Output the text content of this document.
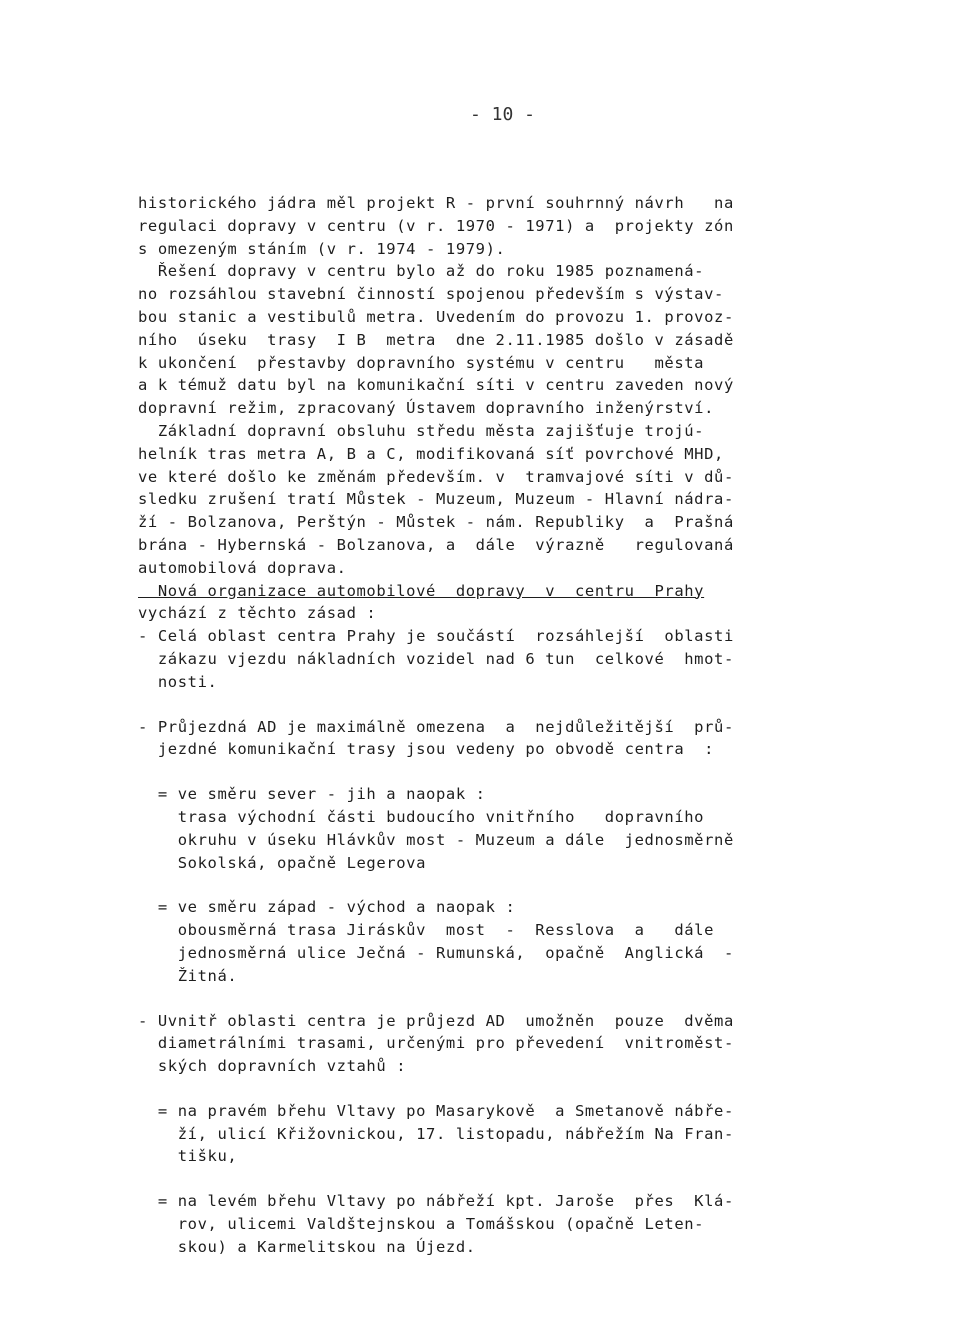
- 10 -
historického jádra měl projekt R - první souhrnný návrh   na
regulaci dopravy v centru (v r. 1970 - 1971) a  projekty zón
s omezeným stáním (v r. 1974 - 1979).
Řešení dopravy v centru bylo až do roku 1985 poznamená-
no rozsáhlou stavební činností spojenou především s výstav-
bou stanic a vestibulů metra. Uvedením do provozu 1. provoz-
ního  úseku  trasy  I B  metra  dne 2.11.1985 došlo v zásadě
k ukončení  přestavby dopravního systému v centru   města
a k témuž datu byl na komunikační síti v centru zaveden nový
dopravní režim, zpracovaný Ústavem dopravního inženýrství.
Základní dopravní obsluhu středu města zajišťuje trojú-
helník tras metra A, B a C, modifikovaná síť povrchové MHD,
ve které došlo ke změnám především. v  tramvajové síti v dů-
sledku zrušení tratí Můstek - Muzeum, Muzeum - Hlavní nádra-
ží - Bolzanova, Perštýn - Můstek - nám. Republiky  a  Prašná
brána - Hybernská - Bolzanova, a  dále  výrazně   regulovaná
automobilová doprava.
Nová organizace automobilové  dopravy  v  centru  Prahy
vychází z těchto zásad :
- Celá oblast centra Prahy je součástí  rozsáhlejší  oblasti
zákazu vjezdu nákladních vozidel nad 6 tun  celkové  hmot-
nosti.
- Průjezdná AD je maximálně omezena  a  nejdůležitější  prů-
jezdné komunikační trasy jsou vedeny po obvodě centra  :
= ve směru sever - jih a naopak :
trasa východní části budoucího vnitřního   dopravního
okruhu v úseku Hlávkův most - Muzeum a dále  jednosměrně
Sokolská, opačně Legerova
= ve směru západ - východ a naopak :
obousměrná trasa Jiráskův  most  -  Resslova  a   dále
jednosměrná ulice Ječná - Rumunská,  opačně  Anglická  -
Žitná.
- Uvnitř oblasti centra je průjezd AD  umožněn  pouze  dvěma
diametrálními trasami, určenými pro převedení  vnitroměst-
ských dopravních vztahů :
= na pravém břehu Vltavy po Masarykově  a Smetanově nábře-
ží, ulicí Křižovnickou, 17. listopadu, nábřežím Na Fran-
tišku,
= na levém břehu Vltavy po nábřeží kpt. Jaroše  přes  Klá-
rov, ulicemi Valdštejnskou a Tomášskou (opačně Leten-
skou) a Karmelitskou na Újezd.
